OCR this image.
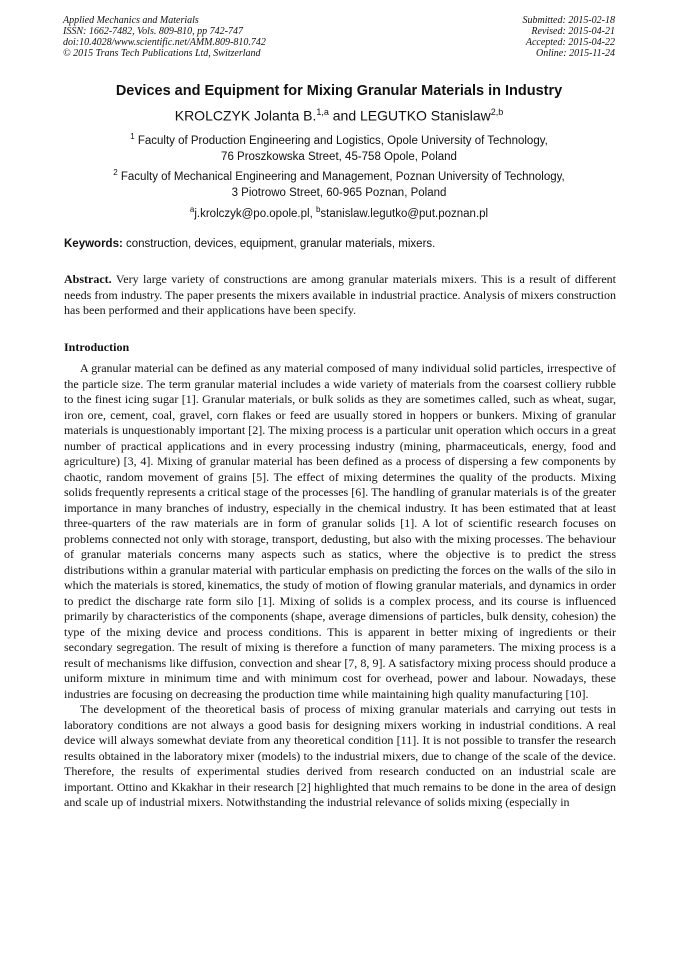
Applied Mechanics and Materials
ISSN: 1662-7482, Vols. 809-810, pp 742-747
doi:10.4028/www.scientific.net/AMM.809-810.742
© 2015 Trans Tech Publications Ltd, Switzerland
Submitted: 2015-02-18
Revised: 2015-04-21
Accepted: 2015-04-22
Online: 2015-11-24
Devices and Equipment for Mixing Granular Materials in Industry
KROLCZYK Jolanta B.$^{1,a}$ and LEGUTKO Stanislaw$^{2,b}$
$^1$ Faculty of Production Engineering and Logistics, Opole University of Technology,
76 Proszkowska Street, 45-758 Opole, Poland
$^2$ Faculty of Mechanical Engineering and Management, Poznan University of Technology,
3 Piotrowo Street, 60-965 Poznan, Poland
$^a$j.krolczyk@po.opole.pl, $^b$stanislaw.legutko@put.poznan.pl
Keywords: construction, devices, equipment, granular materials, mixers.
Abstract. Very large variety of constructions are among granular materials mixers. This is a result of different needs from industry. The paper presents the mixers available in industrial practice. Analysis of mixers construction has been performed and their applications have been specify.
Introduction

A granular material can be defined as any material composed of many individual solid particles, irrespective of the particle size. The term granular material includes a wide variety of materials from the coarsest colliery rubble to the finest icing sugar [1]. Granular materials, or bulk solids as they are sometimes called, such as wheat, sugar, iron ore, cement, coal, gravel, corn flakes or feed are usually stored in hoppers or bunkers. Mixing of granular materials is unquestionably important [2]. The mixing process is a particular unit operation which occurs in a great number of practical applications and in every processing industry (mining, pharmaceuticals, energy, food and agriculture) [3, 4]. Mixing of granular material has been defined as a process of dispersing a few components by chaotic, random movement of grains [5]. The effect of mixing determines the quality of the products. Mixing solids frequently represents a critical stage of the processes [6]. The handling of granular materials is of the greater importance in many branches of industry, especially in the chemical industry. It has been estimated that at least three-quarters of the raw materials are in form of granular solids [1]. A lot of scientific research focuses on problems connected not only with storage, transport, dedusting, but also with the mixing processes. The behaviour of granular materials concerns many aspects such as statics, where the objective is to predict the stress distributions within a granular material with particular emphasis on predicting the forces on the walls of the silo in which the materials is stored, kinematics, the study of motion of flowing granular materials, and dynamics in order to predict the discharge rate form silo [1]. Mixing of solids is a complex process, and its course is influenced primarily by characteristics of the components (shape, average dimensions of particles, bulk density, cohesion) the type of the mixing device and process conditions. This is apparent in better mixing of ingredients or their secondary segregation. The result of mixing is therefore a function of many parameters. The mixing process is a result of mechanisms like diffusion, convection and shear [7, 8, 9]. A satisfactory mixing process should produce a uniform mixture in minimum time and with minimum cost for overhead, power and labour. Nowadays, these industries are focusing on decreasing the production time while maintaining high quality manufacturing [10].

The development of the theoretical basis of process of mixing granular materials and carrying out tests in laboratory conditions are not always a good basis for designing mixers working in industrial conditions. A real device will always somewhat deviate from any theoretical condition [11]. It is not possible to transfer the research results obtained in the laboratory mixer (models) to the industrial mixers, due to change of the scale of the device. Therefore, the results of experimental studies derived from research conducted on an industrial scale are important. Ottino and Kkakhar in their research [2] highlighted that much remains to be done in the area of design and scale up of industrial mixers. Notwithstanding the industrial relevance of solids mixing (especially in
